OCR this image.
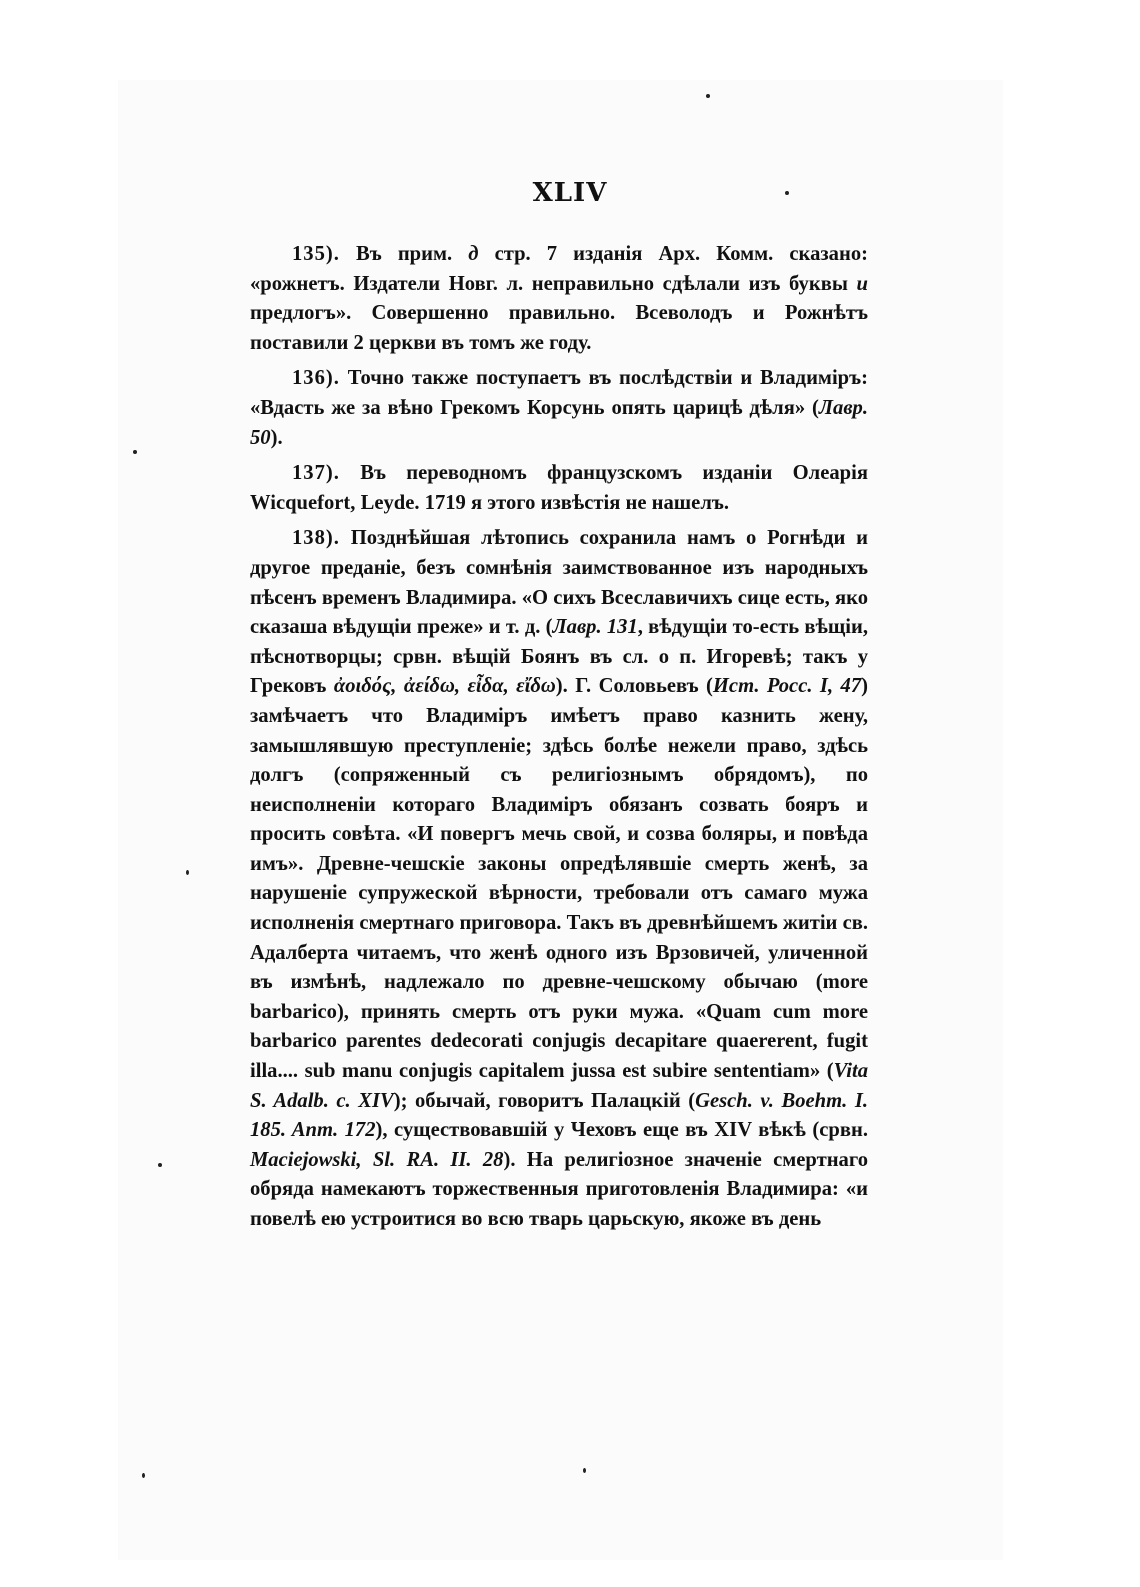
XLIV

135). Въ прим. д стр. 7 изданія Арх. Комм. сказано: «рожнетъ. Издатели Новг. л. неправильно сдѣлали изъ буквы и предлогъ». Совершенно правильно. Всеволодъ и Рожнѣтъ поставили 2 церкви въ томъ же году.

136). Точно также поступаетъ въ послѣдствіи и Владиміръ: «Вдасть же за вѣно Грекомъ Корсунь опять царицѣ дѣля» (Лавр. 50).

137). Въ переводномъ французскомъ изданіи Олеарія Wicquefort, Leyde. 1719 я этого извѣстія не нашелъ.

138). Позднѣйшая лѣтопись сохранила намъ о Рогнѣди и другое преданіе, безъ сомнѣнія заимствованное изъ народныхъ пѣсенъ временъ Владимира. «О сихъ Всеславичихъ сице есть, яко сказаша вѣдущіи преже» и т. д. (Лавр. 131, вѣдущіи то-есть вѣщіи, пѣснотворцы; срвн. вѣщій Боянъ въ сл. о п. Игоревѣ; такъ у Грековъ ἀοιδός, ἀείδω, εἶδα, εἴδω). Г. Соловьевъ (Ист. Росс. I, 47) замѣчаетъ что Владиміръ имѣетъ право казнить жену, замышлявшую преступленіе; здѣсь болѣе нежели право, здѣсь долгъ (сопряженный съ религіознымъ обрядомъ), по неисполненіи котораго Владиміръ обязанъ созвать бояръ и просить совѣта. «И повергъ мечь свой, и созва боляры, и повѣда имъ». Древне-чешскіе законы опредѣлявшіе смерть женѣ, за нарушеніе супружеской вѣрности, требовали отъ самаго мужа исполненія смертнаго приговора. Такъ въ древнѣйшемъ житіи св. Адалберта читаемъ, что женѣ одного изъ Врзовичей, уличенной въ измѣнѣ, надлежало по древне-чешскому обычаю (more barbarico), принять смерть отъ руки мужа. «Quam cum more barbarico parentes dedecorati conjugis decapitare quaererent, fugit illa.... sub manu conjugis capitalem jussa est subire sententiam» (Vita S. Adalb. c. XIV); обычай, говоритъ Палацкій (Gesch. v. Boehm. I. 185. Anm. 172), существовавшій у Чеховъ еще въ XIV вѣкѣ (срвн. Maciejowski, Sl. RA. II. 28). На религіозное значеніе смертнаго обряда намекаютъ торжественныя приготовленія Владимира: «и повелѣ ею устроитися во всю тварь царьскую, якоже въ день
